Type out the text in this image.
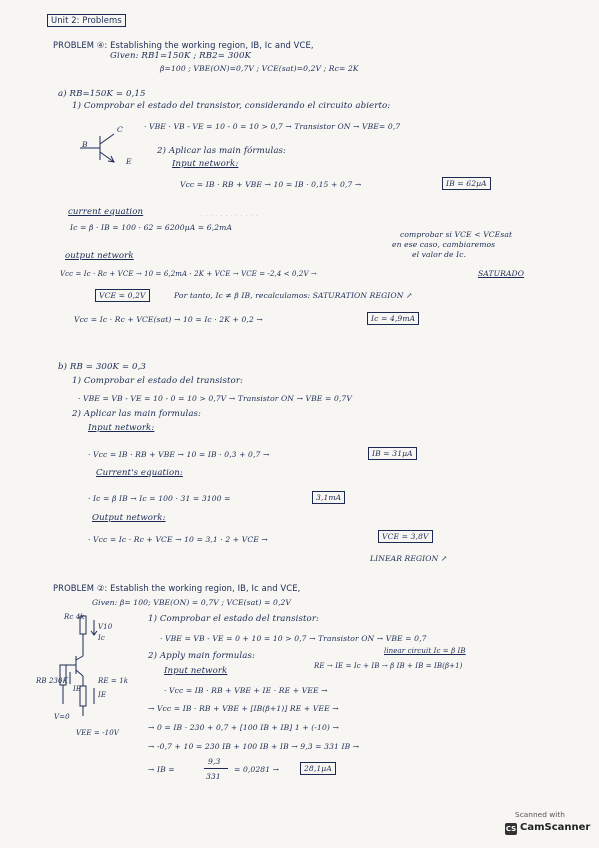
Unit 2: Problems
PROBLEM ④: Establishing the working region, IB, Ic and VCE,
Given: RB1=150K ; RB2= 300K
β=100 ; VBE(ON)=0,7V ; VCE(sat)=0,2V ; Rc= 2K
a) RB=150K = 0,15
1) Comprobar el estado del transistor, considerando el circuito abierto:
B
C
E
· VBE · VB - VE = 10 - 0 = 10 > 0,7 → Transistor ON → VBE= 0,7
2) Aplicar las main fórmulas:
Input network:
Vcc = IB · RB + VBE → 10 = IB · 0,15 + 0,7 →	IB = 62µA
current equation
Ic = β · IB = 100 · 62 = 6200µA = 6,2mA
comprobar si VCE < VCEsat
en ese caso, cambiaremos
el valor de Ic.
output network
Vcc = Ic · Rc + VCE → 10 = 6,2mA · 2K + VCE → VCE = -2,4 < 0,2V →	SATURADO
VCE = 0,2V	Por tanto, Ic ≠ β IB, recalculamos: SATURATION REGION ↗
Vcc = Ic · Rc + VCE(sat) → 10 = Ic · 2K + 0,2 →	Ic = 4,9mA
· · · · · · · · · · · ·
b) RB = 300K = 0,3
1) Comprobar el estado del transistor:
· VBE = VB - VE = 10 - 0 = 10 > 0,7V → Transistor ON → VBE = 0,7V
2) Aplicar las main formulas:
Input network:
· Vcc = IB · RB + VBE → 10 = IB · 0,3 + 0,7 →	IB = 31µA
Current's equation:
· Ic = β IB → Ic = 100 · 31 = 3100 =	3,1mA
Output network:
· Vcc = Ic · Rc + VCE → 10 = 3,1 · 2 + VCE →	VCE = 3,8V
LINEAR REGION ↗
PROBLEM ②: Establish the working region, IB, Ic and VCE,
Given: β= 100; VBE(ON) = 0,7V ; VCE(sat) = 0,2V
1) Comprobar el estado del transistor:
· VBE = VB - VE = 0 + 10 = 10 > 0,7 → Transistor ON → VBE = 0,7
linear circuit Ic = β IB
2) Apply main formulas:
RE → IE = Ic + IB → β IB + IB = IB(β+1)
Input network
· Vcc = IB · RB + VBE + IE · RE + VEE →
→ Vcc = IB · RB + VBE + [IB(β+1)] RE + VEE →
→ 0 = IB · 230 + 0,7 + [100 IB + IB] 1 + (-10) →
→ -0,7 + 10 = 230 IB + 100 IB + IB → 9,3 = 331 IB →
→ IB =
9,3
331
= 0,0281 →	28,1µA
Rc 4k
V10
Ic
RB 230K
IB
RE = 1k
IE
V=0
VEE = -10V
Scanned with
CS CamScanner
